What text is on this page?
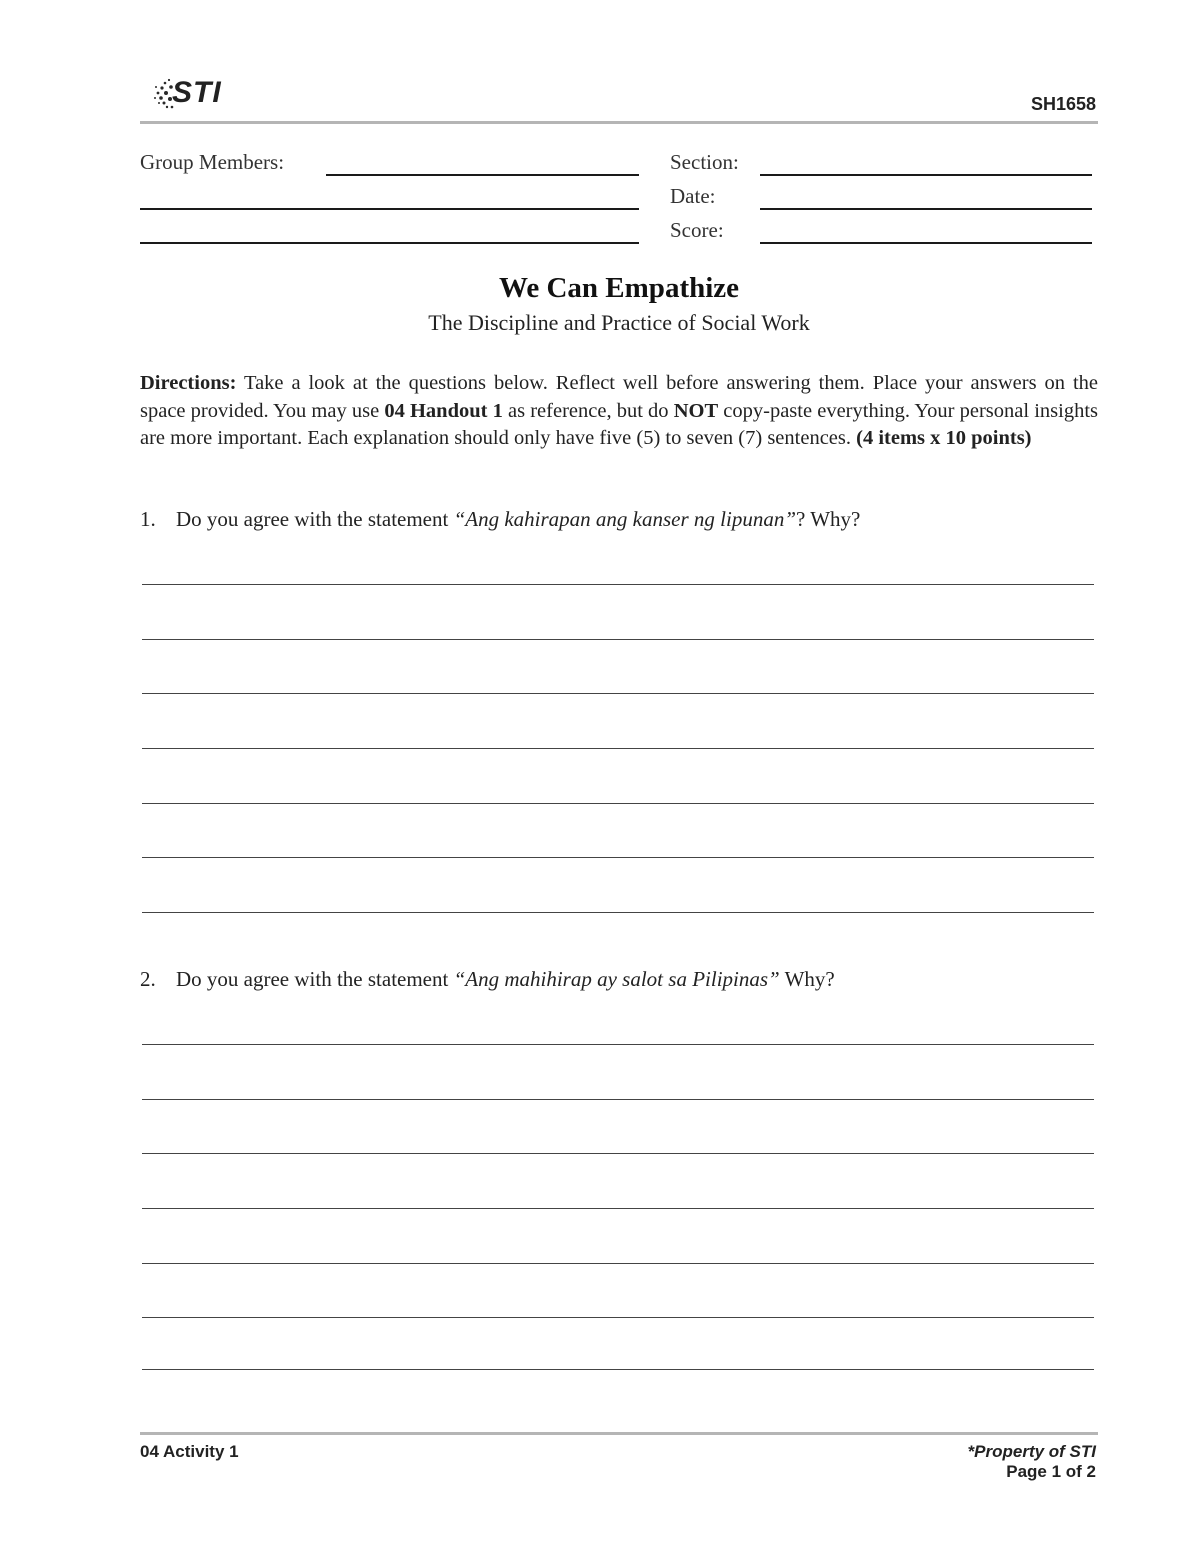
STI	SH1658
Group Members:	Section:
Date:
Score:
We Can Empathize
The Discipline and Practice of Social Work
Directions: Take a look at the questions below. Reflect well before answering them. Place your answers on the space provided. You may use 04 Handout 1 as reference, but do NOT copy-paste everything. Your personal insights are more important. Each explanation should only have five (5) to seven (7) sentences. (4 items x 10 points)
1. Do you agree with the statement “Ang kahirapan ang kanser ng lipunan”? Why?
2. Do you agree with the statement “Ang mahihirap ay salot sa Pilipinas” Why?
04 Activity 1	*Property of STI
Page 1 of 2
